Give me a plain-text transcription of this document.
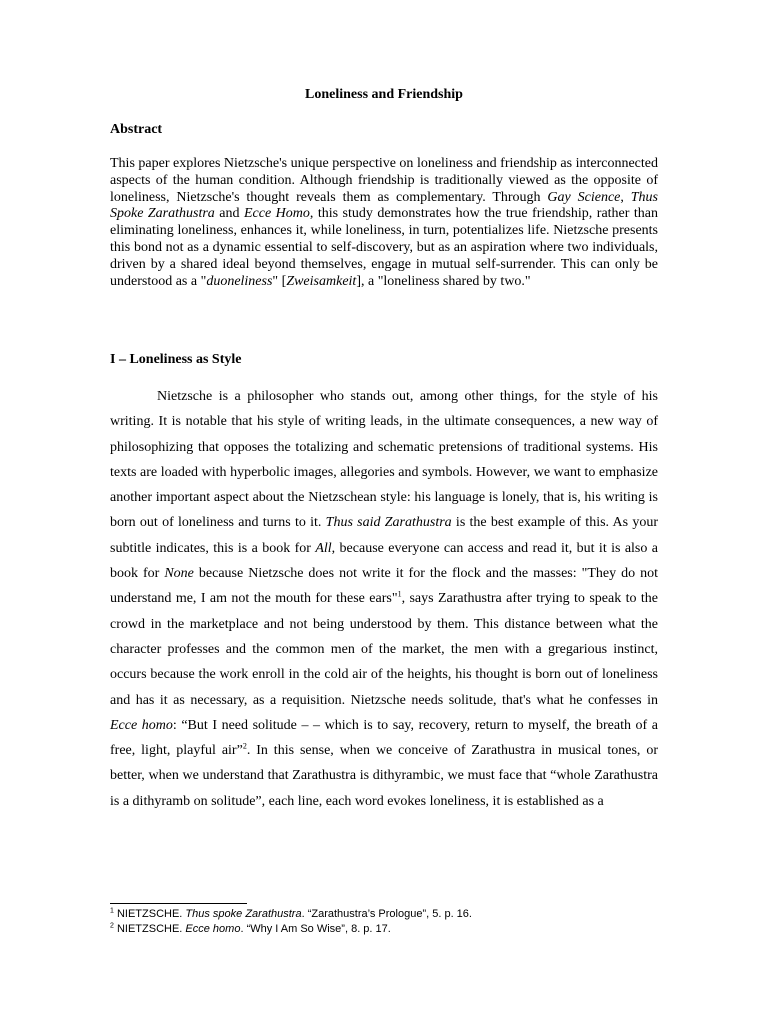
Loneliness and Friendship
Abstract

This paper explores Nietzsche's unique perspective on loneliness and friendship as interconnected aspects of the human condition. Although friendship is traditionally viewed as the opposite of loneliness, Nietzsche's thought reveals them as complementary. Through Gay Science, Thus Spoke Zarathustra and Ecce Homo, this study demonstrates how the true friendship, rather than eliminating loneliness, enhances it, while loneliness, in turn, potentializes life. Nietzsche presents this bond not as a dynamic essential to self-discovery, but as an aspiration where two individuals, driven by a shared ideal beyond themselves, engage in mutual self-surrender. This can only be understood as a "duoneliness" [Zweisamkeit], a "loneliness shared by two."

I – Loneliness as Style

Nietzsche is a philosopher who stands out, among other things, for the style of his writing. It is notable that his style of writing leads, in the ultimate consequences, a new way of philosophizing that opposes the totalizing and schematic pretensions of traditional systems. His texts are loaded with hyperbolic images, allegories and symbols. However, we want to emphasize another important aspect about the Nietzschean style: his language is lonely, that is, his writing is born out of loneliness and turns to it. Thus said Zarathustra is the best example of this. As your subtitle indicates, this is a book for All, because everyone can access and read it, but it is also a book for None because Nietzsche does not write it for the flock and the masses: "They do not understand me, I am not the mouth for these ears"$^1$, says Zarathustra after trying to speak to the crowd in the marketplace and not being understood by them. This distance between what the character professes and the common men of the market, the men with a gregarious instinct, occurs because the work enroll in the cold air of the heights, his thought is born out of loneliness and has it as necessary, as a requisition. Nietzsche needs solitude, that's what he confesses in Ecce homo: “But I need solitude – – which is to say, recovery, return to myself, the breath of a free, light, playful air”$^2$. In this sense, when we conceive of Zarathustra in musical tones, or better, when we understand that Zarathustra is dithyrambic, we must face that “whole Zarathustra is a dithyramb on solitude”, each line, each word evokes loneliness, it is established as a

$^1$ NIETZSCHE. Thus spoke Zarathustra. “Zarathustra’s Prologue”, 5. p. 16.
$^2$ NIETZSCHE. Ecce homo. “Why I Am So Wise”, 8. p. 17.
